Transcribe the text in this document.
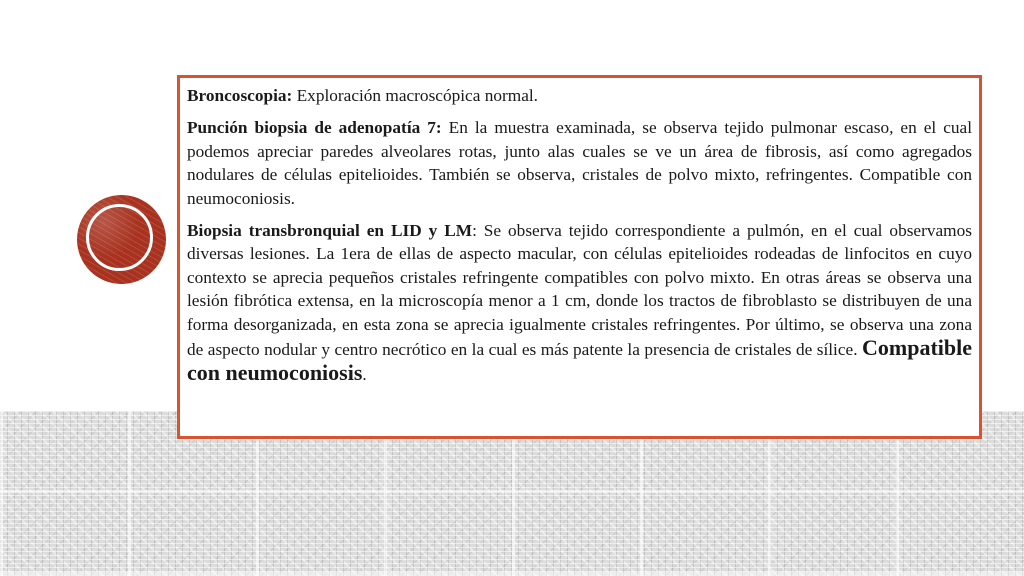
Broncoscopia: Exploración macroscópica normal.

Punción biopsia de adenopatía 7: En la muestra examinada, se observa tejido pulmonar escaso, en el cual podemos apreciar paredes alveolares rotas, junto alas cuales se ve un área de fibrosis, así como agregados nodulares de células epitelioides. También se observa, cristales de polvo mixto, refringentes. Compatible con neumoconiosis.

Biopsia transbronquial en LID y LM: Se observa tejido correspondiente a pulmón, en el cual observamos diversas lesiones. La 1era de ellas de aspecto macular, con células epitelioides rodeadas de linfocitos en cuyo contexto se aprecia pequeños cristales refringente compatibles con polvo mixto. En otras áreas se observa una lesión fibrótica extensa, en la microscopía menor a 1 cm, donde los tractos de fibroblasto se distribuyen de una forma desorganizada, en esta zona se aprecia igualmente cristales refringentes. Por último, se observa una zona de aspecto nodular y centro necrótico en la cual es más patente la presencia de cristales de sílice. Compatible con neumoconiosis.
